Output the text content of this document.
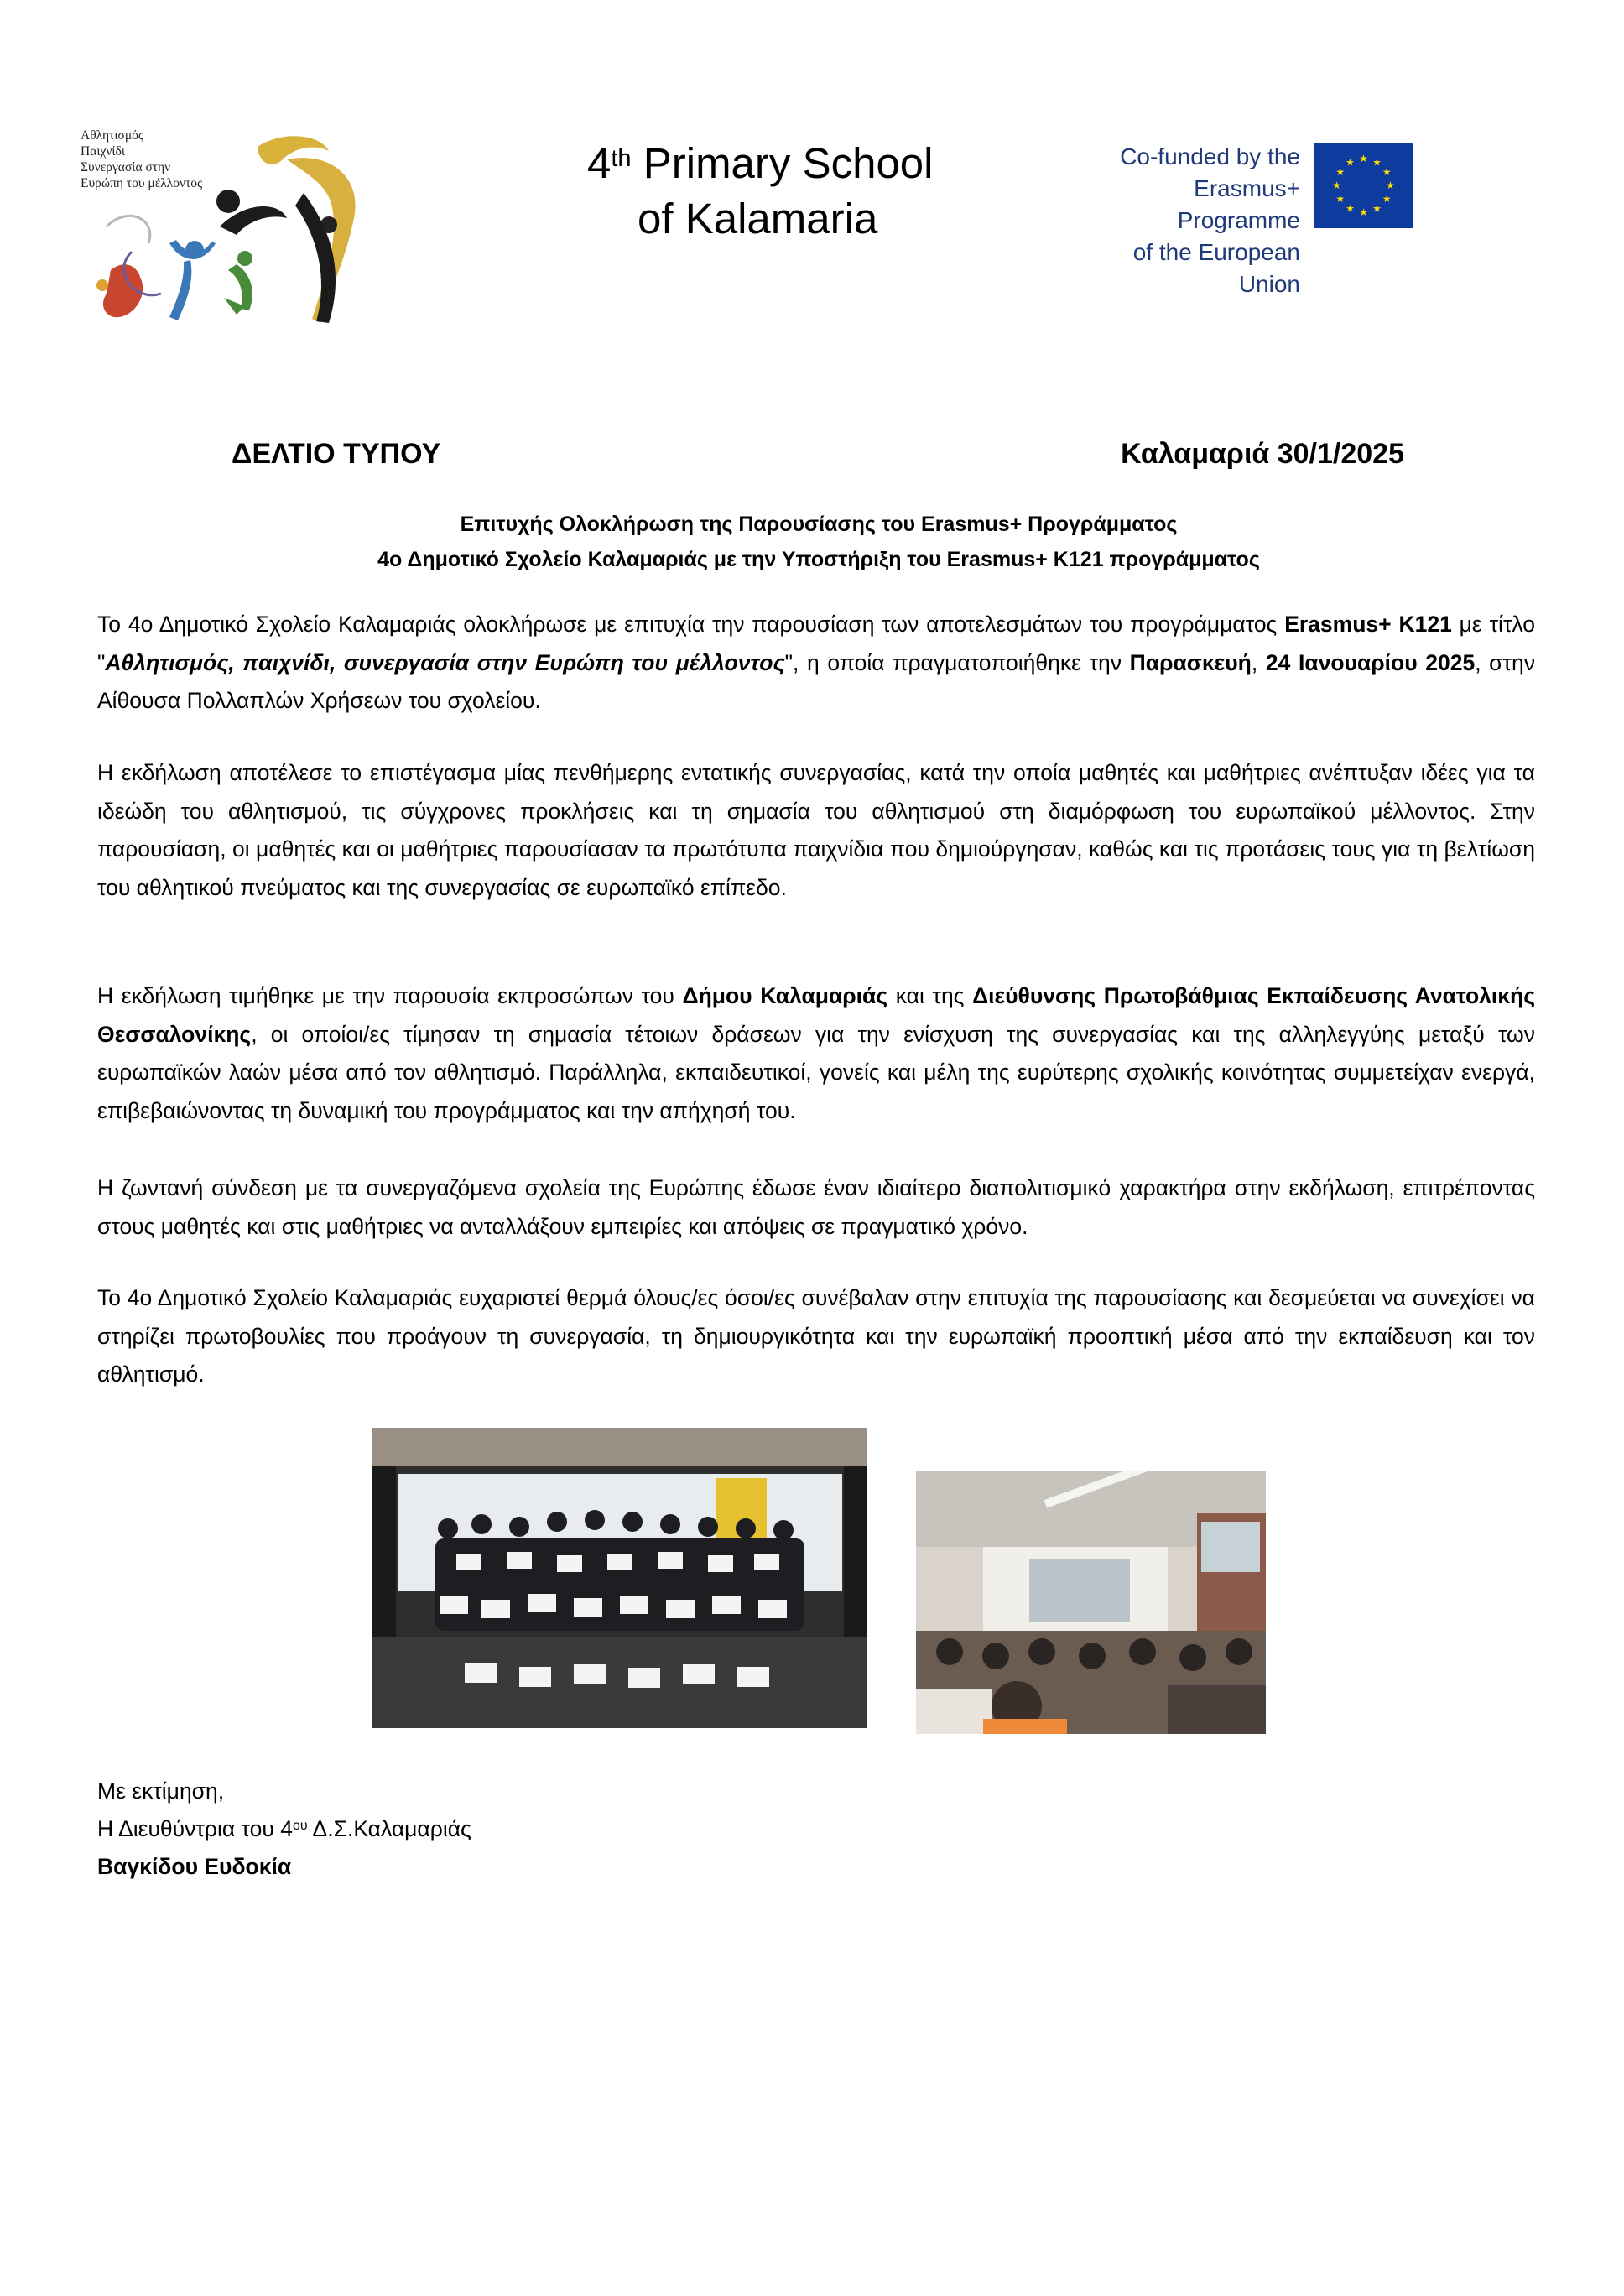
Αθλητισμός
Παιχνίδι
Συνεργασία στην
Ευρώπη του μέλλοντος	4th Primary School
of Kalamaria
Co-funded by the
Erasmus+ Programme
of the European Union
★ ★
★
★
★
★
★
★
★
★
★
★
ΔΕΛΤΙΟ ΤΥΠΟΥ	Καλαμαριά 30/1/2025
Επιτυχής Ολοκλήρωση της Παρουσίασης του Erasmus+ Προγράμματος
4ο Δημοτικό Σχολείο Καλαμαριάς με την Υποστήριξη του Erasmus+ Κ121 προγράμματος

Το 4ο Δημοτικό Σχολείο Καλαμαριάς ολοκλήρωσε με επιτυχία την παρουσίαση των αποτελεσμάτων του προγράμματος Erasmus+ K121 με τίτλο "Αθλητισμός, παιχνίδι, συνεργασία στην Ευρώπη του μέλλοντος", η οποία πραγματοποιήθηκε την Παρασκευή, 24 Ιανουαρίου 2025, στην Αίθουσα Πολλαπλών Χρήσεων του σχολείου.

Η εκδήλωση αποτέλεσε το επιστέγασμα μίας πενθήμερης εντατικής συνεργασίας, κατά την οποία μαθητές και μαθήτριες ανέπτυξαν ιδέες για τα ιδεώδη του αθλητισμού, τις σύγχρονες προκλήσεις και τη σημασία του αθλητισμού στη διαμόρφωση του ευρωπαϊκού μέλλοντος. Στην παρουσίαση, οι μαθητές και οι μαθήτριες παρουσίασαν τα πρωτότυπα παιχνίδια που δημιούργησαν, καθώς και τις προτάσεις τους για τη βελτίωση του αθλητικού πνεύματος και της συνεργασίας σε ευρωπαϊκό επίπεδο.

Η εκδήλωση τιμήθηκε με την παρουσία εκπροσώπων του Δήμου Καλαμαριάς και της Διεύθυνσης Πρωτοβάθμιας Εκπαίδευσης Ανατολικής Θεσσαλονίκης, οι οποίοι/ες τίμησαν τη σημασία τέτοιων δράσεων για την ενίσχυση της συνεργασίας και της αλληλεγγύης μεταξύ των ευρωπαϊκών λαών μέσα από τον αθλητισμό. Παράλληλα, εκπαιδευτικοί, γονείς και μέλη της ευρύτερης σχολικής κοινότητας συμμετείχαν ενεργά, επιβεβαιώνοντας τη δυναμική του προγράμματος και την απήχησή του.

Η ζωντανή σύνδεση με τα συνεργαζόμενα σχολεία της Ευρώπης έδωσε έναν ιδιαίτερο διαπολιτισμικό χαρακτήρα στην εκδήλωση, επιτρέποντας στους μαθητές και στις μαθήτριες να ανταλλάξουν εμπειρίες και απόψεις σε πραγματικό χρόνο.

Το 4ο Δημοτικό Σχολείο Καλαμαριάς ευχαριστεί θερμά όλους/ες όσοι/ες συνέβαλαν στην επιτυχία της παρουσίασης και δεσμεύεται να συνεχίσει να στηρίζει πρωτοβουλίες που προάγουν τη συνεργασία, τη δημιουργικότητα και την ευρωπαϊκή προοπτική μέσα από την εκπαίδευση και τον αθλητισμό.

Με εκτίμηση,
Η Διευθύντρια του $4^{o\upsilon}$ Δ.Σ.Καλαμαριάς
Βαγκίδου Ευδοκία
